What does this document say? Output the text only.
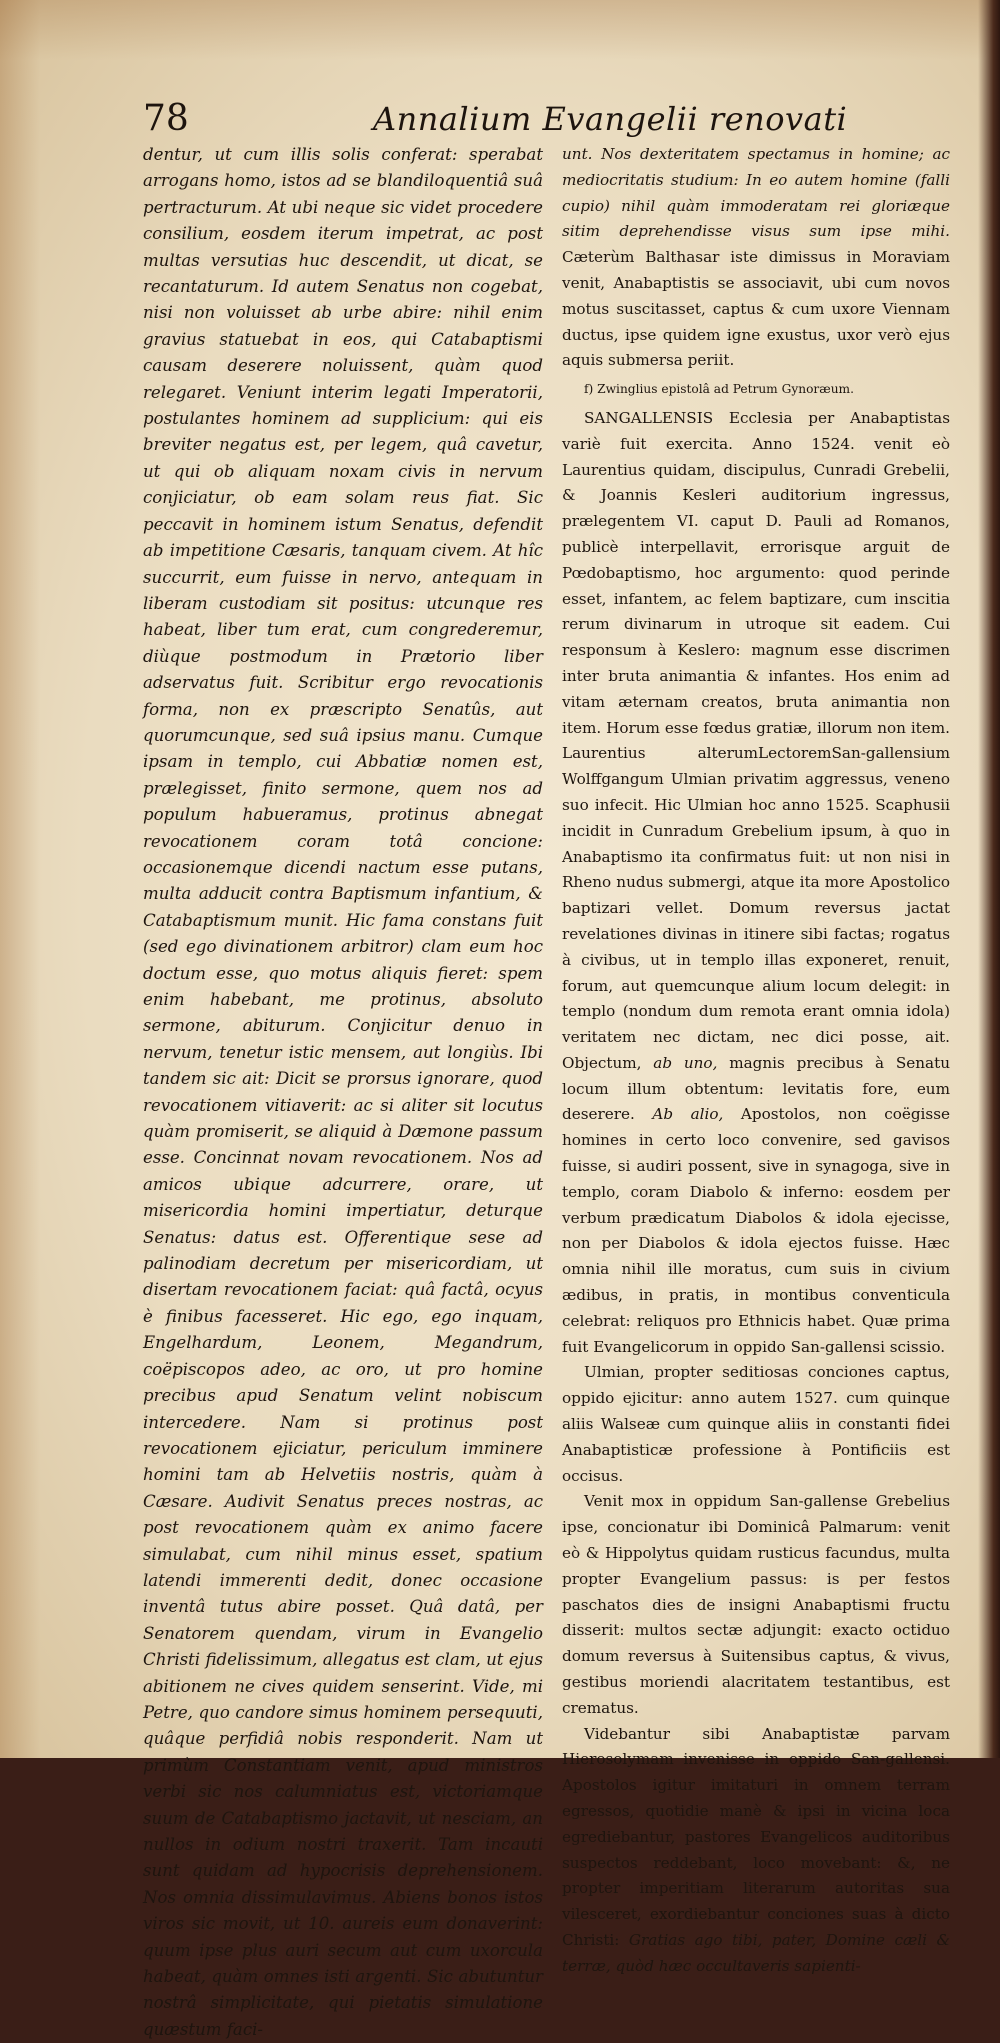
78	Annalium Evangelii renovati
dentur, ut cum illis solis conferat: sperabat arrogans homo, istos ad se blandiloquentiâ suâ pertracturum. At ubi neque sic videt procedere consilium, eosdem iterum impetrat, ac post multas versutias huc descendit, ut dicat, se recantaturum. Id autem Senatus non cogebat, nisi non voluisset ab urbe abire: nihil enim gravius statuebat in eos, qui Catabaptismi causam deserere noluissent, quàm quod relegaret. Veniunt interim legati Imperatorii, postulantes hominem ad supplicium: qui eis breviter negatus est, per legem, quâ cavetur, ut qui ob aliquam noxam civis in nervum conjiciatur, ob eam solam reus fiat. Sic peccavit in hominem istum Senatus, defendit ab impetitione Cæsaris, tanquam civem. At hîc succurrit, eum fuisse in nervo, antequam in liberam custodiam sit positus: utcunque res habeat, liber tum erat, cum congrederemur, diùque postmodum in Prætorio liber adservatus fuit. Scribitur ergo revocationis forma, non ex præscripto Senatûs, aut quorumcunque, sed suâ ipsius manu. Cumque ipsam in templo, cui Abbatiæ nomen est, prælegisset, finito sermone, quem nos ad populum habueramus, protinus abnegat revocationem coram totâ concione: occasionemque dicendi nactum esse putans, multa adducit contra Baptismum infantium, & Catabaptismum munit. Hic fama constans fuit (sed ego divinationem arbitror) clam eum hoc doctum esse, quo motus aliquis fieret: spem enim habebant, me protinus, absoluto sermone, abiturum. Conjicitur denuo in nervum, tenetur istic mensem, aut longiùs. Ibi tandem sic ait: Dicit se prorsus ignorare, quod revocationem vitiaverit: ac si aliter sit locutus quàm promiserit, se aliquid à Dæmone passum esse. Concinnat novam revocationem. Nos ad amicos ubique adcurrere, orare, ut misericordia homini impertiatur, deturque Senatus: datus est. Offerentique sese ad palinodiam decretum per misericordiam, ut disertam revocationem faciat: quâ factâ, ocyus è finibus facesseret. Hic ego, ego inquam, Engelhardum, Leonem, Megandrum, coëpiscopos adeo, ac oro, ut pro homine precibus apud Senatum velint nobiscum intercedere. Nam si protinus post revocationem ejiciatur, periculum imminere homini tam ab Helvetiis nostris, quàm à Cæsare. Audivit Senatus preces nostras, ac post revocationem quàm ex animo facere simulabat, cum nihil minus esset, spatium latendi immerenti dedit, donec occasione inventâ tutus abire posset. Quâ datâ, per Senatorem quendam, virum in Evangelio Christi fidelissimum, allegatus est clam, ut ejus abitionem ne cives quidem senserint. Vide, mi Petre, quo candore simus hominem persequuti, quâque perfidiâ nobis responderit. Nam ut primùm Constantiam venit, apud ministros verbi sic nos calumniatus est, victoriamque suum de Catabaptismo jactavit, ut nesciam, an nullos in odium nostri traxerit. Tam incauti sunt quidam ad hypocrisis deprehensionem. Nos omnia dissimulavimus. Abiens bonos istos viros sic movit, ut 10. aureis eum donaverint: quum ipse plus auri secum aut cum uxorcula habeat, quàm omnes isti argenti. Sic abutuntur nostrâ simplicitate, qui pietatis simulatione quæstum faci-

unt. Nos dexteritatem spectamus in homine; ac mediocritatis studium: In eo autem homine (falli cupio) nihil quàm immoderatam rei gloriæque sitim deprehendisse visus sum ipse mihi. Cæterùm Balthasar iste dimissus in Moraviam venit, Anabaptistis se associavit, ubi cum novos motus suscitasset, captus & cum uxore Viennam ductus, ipse quidem igne exustus, uxor verò ejus aquis submersa periit.

f) Zwinglius epistolâ ad Petrum Gynoræum.

SANGALLENSIS Ecclesia per Anabaptistas variè fuit exercita. Anno 1524. venit eò Laurentius quidam, discipulus, Cunradi Grebelii, & Joannis Kesleri auditorium ingressus, prælegentem VI. caput D. Pauli ad Romanos, publicè interpellavit, errorisque arguit de Pœdobaptismo, hoc argumento: quod perinde esset, infantem, ac felem baptizare, cum inscitia rerum divinarum in utroque sit eadem. Cui responsum à Keslero: magnum esse discrimen inter bruta animantia & infantes. Hos enim ad vitam æternam creatos, bruta animantia non item. Horum esse fœdus gratiæ, illorum non item. Laurentius alterumLectoremSan-gallensium Wolffgangum Ulmian privatim aggressus, veneno suo infecit. Hic Ulmian hoc anno 1525. Scaphusii incidit in Cunradum Grebelium ipsum, à quo in Anabaptismo ita confirmatus fuit: ut non nisi in Rheno nudus submergi, atque ita more Apostolico baptizari vellet. Domum reversus jactat revelationes divinas in itinere sibi factas; rogatus à civibus, ut in templo illas exponeret, renuit, forum, aut quemcunque alium locum delegit: in templo (nondum dum remota erant omnia idola) veritatem nec dictam, nec dici posse, ait. Objectum, ab uno, magnis precibus à Senatu locum illum obtentum: levitatis fore, eum deserere. Ab alio, Apostolos, non coëgisse homines in certo loco convenire, sed gavisos fuisse, si audiri possent, sive in synagoga, sive in templo, coram Diabolo & inferno: eosdem per verbum prædicatum Diabolos & idola ejecisse, non per Diabolos & idola ejectos fuisse. Hæc omnia nihil ille moratus, cum suis in civium ædibus, in pratis, in montibus conventicula celebrat: reliquos pro Ethnicis habet. Quæ prima fuit Evangelicorum in oppido San-gallensi scissio.

Ulmian, propter seditiosas conciones captus, oppido ejicitur: anno autem 1527. cum quinque aliis Walseæ cum quinque aliis in constanti fidei Anabaptisticæ professione à Pontificiis est occisus.

Venit mox in oppidum San-gallense Grebelius ipse, concionatur ibi Dominicâ Palmarum: venit eò & Hippolytus quidam rusticus facundus, multa propter Evangelium passus: is per festos paschatos dies de insigni Anabaptismi fructu disserit: multos sectæ adjungit: exacto octiduo domum reversus à Suitensibus captus, & vivus, gestibus moriendi alacritatem testantibus, est crematus.

Videbantur sibi Anabaptistæ parvam Hierosolymam invenisse in oppido San-gallensi. Apostolos igitur imitaturi in omnem terram egressos, quotidie manè & ipsi in vicina loca egrediebantur, pastores Evangelicos auditoribus suspectos reddebant, loco movebant: &, ne propter imperitiam literarum autoritas sua vilesceret, exordiebantur conciones suas à dicto Christi: Gratias ago tibi, pater, Domine cæli & terræ, quòd hæc occultaveris sapienti-
